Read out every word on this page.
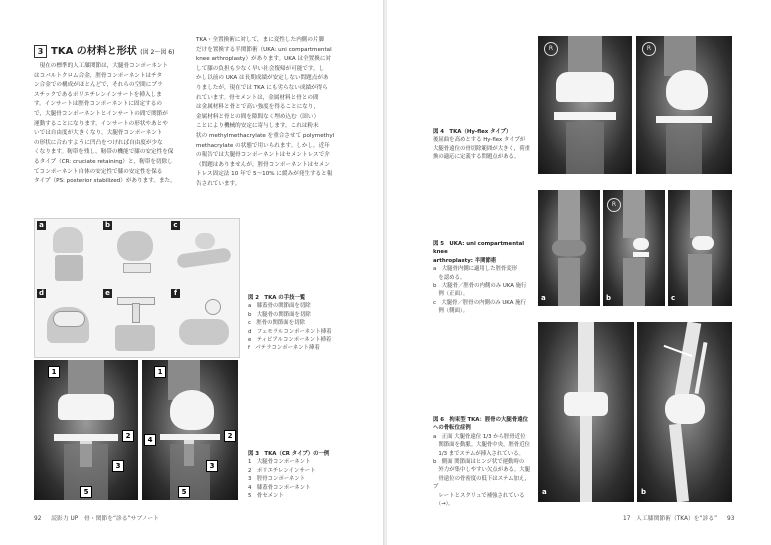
3 TKA の材料と形状 (図 2〜図 6)
　現在の標準的人工膝関節は，大腿骨コンポーネント
はコバルトクロム合金，脛骨コンポーネントはチタ
ン合金での構成がほとんどで，それらの空間にプラ
スチックであるポリエチレンインサートを挿入しま
す。インサートは脛骨コンポーネントに固定するの
で，大腿骨コンポーネントとインサートの間で関節が
運動することになります。インサートの形状やあとや
いでは自由度が大きくなり，大腿骨コンポーネント
の形状に合わすように凹凸をつければ自由度が少な
くなります。靭帯を残し，靭帯の機能で膝の安定性を保
るタイプ（CR: cruciate retaining）と，靭帯を切除し
てコンポーネント自体の安定性で膝の安定性を保る
タイプ（PS: posterior stabilized）があります。また，
TKA・全置換術に対して，まに変性した内側の片脚
だけを置換する半関節術（UKA: uni compartmental
knee arthroplasty）があります。UKA は全置換に対
して膝の負担も少なく早い社会復帰が可能です。し
かし以前の UKA は長期成績が安定しない問題点があ
りましたが，現在では TKA にも劣らない成績が得ら
れています。骨セメントは，金属材料と骨との間
は金属材料と骨とで高い強度を得ることになり，
金属材料と骨との間を隙間なく埋め込む（固い）
ことにより機械的安定に寄与します。これは粉末
状の methylmethacrylate を重合させて polymethyl
methacrylate の状態で用いられます。しかし，近年
の報告では大腿骨コンポーネントはセメントレスで介
（問題はありませんが，脛骨コンポーネントはセメン
トレス固定法 10 年で 5〜10% に緩みが発生すると報
告されています。
a	b	c
d	e	f
図 2　TKA の手技一覧
a　膝蓋骨の関節面を切除
b　大腿骨の関節面を切除
c　脛骨の関節面を切除
d　フェモラルコンポーネント挿着
e　ティビアルコンポーネント挿着
f　パテラコンポーネント挿着
1
2
3
5
1
2
3
4
5
図 3　TKA（CR タイプ）の一例
1　大腿骨コンポーネント
2　ポリエチレンインサート
3　脛骨コンポーネント
4　膝蓋骨コンポーネント
5　骨セメント
92 読影力 UP　骨・関節を“診る”サブノート
R	R
図 4　TKA（Hy-flex タイプ）
後屈曲を高めとする Hy-flex タイプが
大腿骨遠位の骨切除範囲が大きく，荷重
換の適応に定義する問題点がある。
a
R
b	c
図 5　UKA: uni compartmental knee
arthroplasty: 半関節術
a　大腿骨内側に適用した脛骨変形
　を認める。
b　大腿骨／脛骨の内側のみ UKA 施行
　例（正面）。
c　大腿骨／脛骨の内側のみ UKA 施行
　例（側面）。
a	b
図 6　拘束型 TKA：脛骨の大腿骨遠位
への骨転位症例
a　正面 大腿骨遠位 1/3 から脛骨近位
　関節面を動脈。大腿骨中央，脛骨近位
　1/3 までステムが挿入されている。
b　側面 関節面はヒンジ状で運動時の
　外力が集中しやすい欠点がある。大腿
　骨遠位の骨密度の低下はステム加え，プ
　レートとスクリュで補強されている
　（→）。
17　人工膝関節術（TKA）を“診る” 93
